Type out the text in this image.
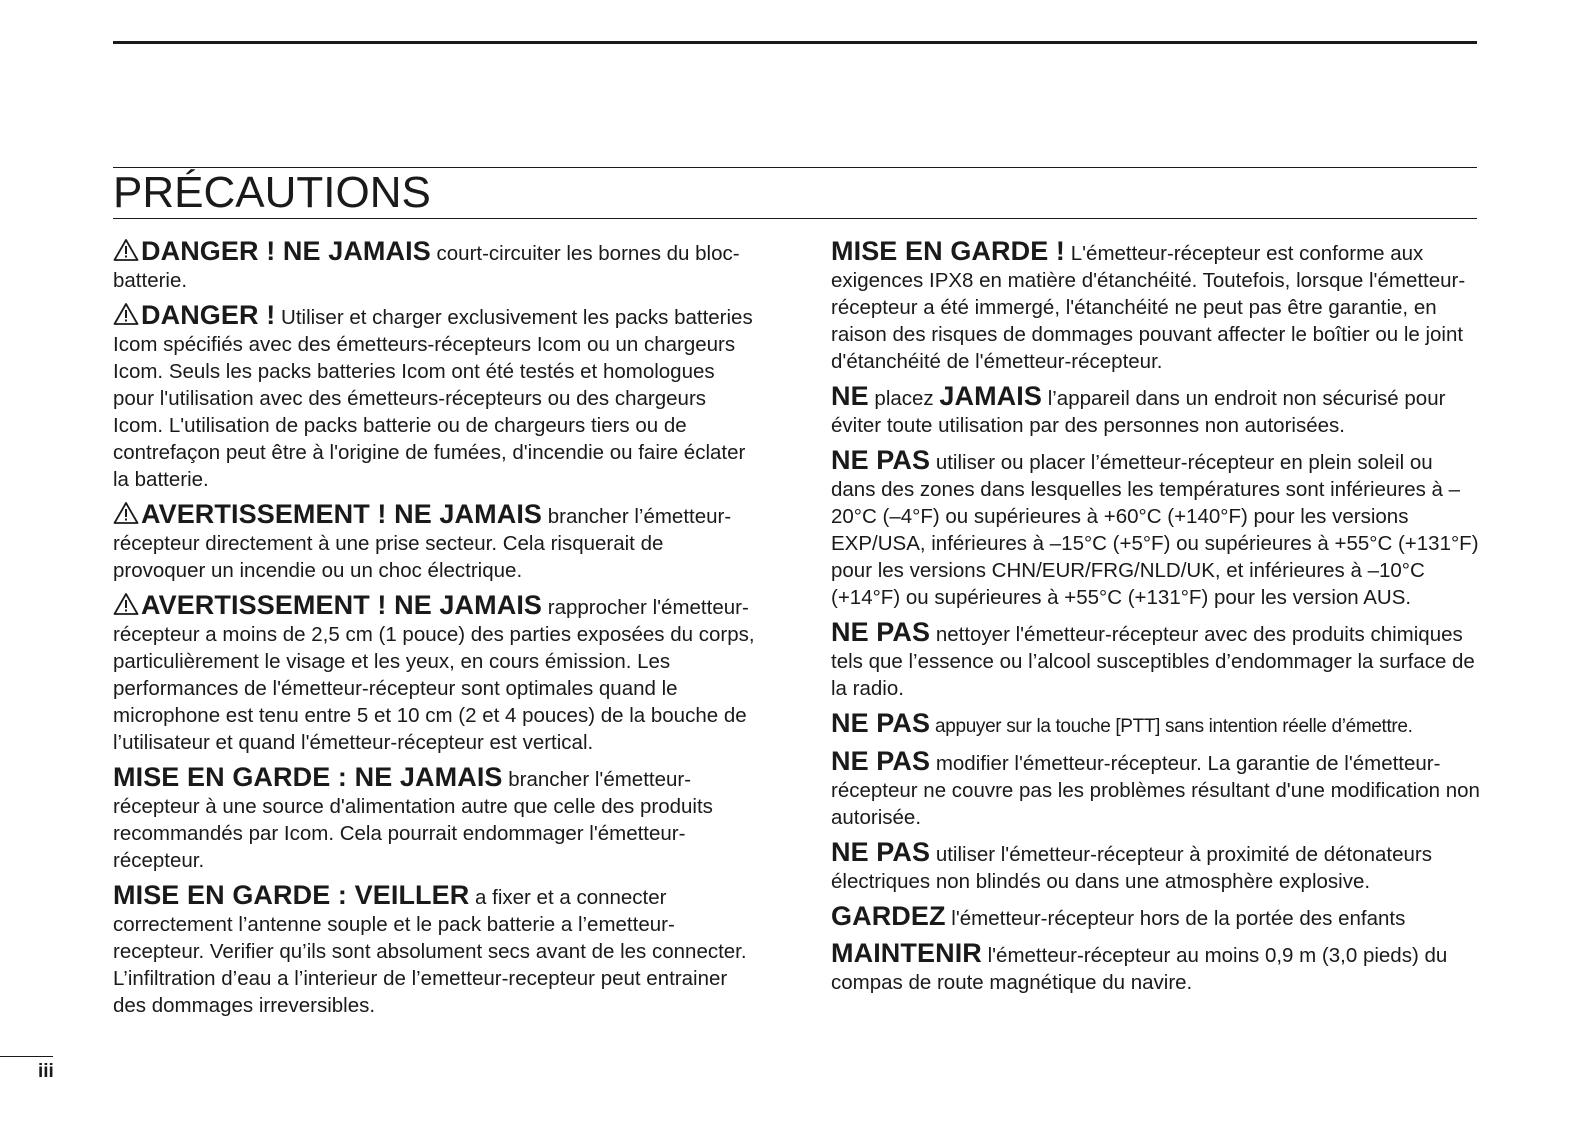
PRÉCAUTIONS

DANGER ! NE JAMAIS court-circuiter les bornes du bloc-batterie.

DANGER ! Utiliser et charger exclusivement les packs batteries Icom spécifiés avec des émetteurs-récepteurs Icom ou un chargeurs Icom. Seuls les packs batteries Icom ont été testés et homologues pour l'utilisation avec des émetteurs-récepteurs ou des chargeurs Icom. L'utilisation de packs batterie ou de chargeurs tiers ou de contrefaçon peut être à l'origine de fumées, d'incendie ou faire éclater la batterie.

AVERTISSEMENT ! NE JAMAIS brancher l’émetteur-récepteur directement à une prise secteur. Cela risquerait de provoquer un incendie ou un choc électrique.

AVERTISSEMENT ! NE JAMAIS rapprocher l'émetteur-récepteur a moins de 2,5 cm (1 pouce) des parties exposées du corps, particulièrement le visage et les yeux, en cours émission. Les performances de l'émetteur-récepteur sont optimales quand le microphone est tenu entre 5 et 10 cm (2 et 4 pouces) de la bouche de l’utilisateur et quand l'émetteur-récepteur est vertical.

MISE EN GARDE : NE JAMAIS brancher l'émetteur-récepteur à une source d'alimentation autre que celle des produits recommandés par Icom. Cela pourrait endommager l'émetteur-récepteur.

MISE EN GARDE : VEILLER a fixer et a connecter correctement l’antenne souple et le pack batterie a l’emetteur-recepteur. Verifier qu’ils sont absolument secs avant de les connecter. L’infiltration d’eau a l’interieur de l’emetteur-recepteur peut entrainer des dommages irreversibles.

MISE EN GARDE ! L'émetteur-récepteur est conforme aux exigences IPX8 en matière d'étanchéité. Toutefois, lorsque l'émetteur-récepteur a été immergé, l'étanchéité ne peut pas être garantie, en raison des risques de dommages pouvant affecter le boîtier ou le joint d'étanchéité de l'émetteur-récepteur.

NE placez JAMAIS l’appareil dans un endroit non sécurisé pour éviter toute utilisation par des personnes non autorisées.

NE PAS utiliser ou placer l’émetteur-récepteur en plein soleil ou dans des zones dans lesquelles les températures sont inférieures à –20°C (–4°F) ou supérieures à +60°C (+140°F) pour les versions EXP/USA, inférieures à –15°C (+5°F) ou supérieures à +55°C (+131°F) pour les versions CHN/EUR/FRG/NLD/UK, et inférieures à –10°C (+14°F) ou supérieures à +55°C (+131°F) pour les version AUS.

NE PAS nettoyer l'émetteur-récepteur avec des produits chimiques tels que l’essence ou l’alcool susceptibles d’endommager la surface de la radio.

NE PAS appuyer sur la touche [PTT] sans intention réelle d’émettre.

NE PAS modifier l'émetteur-récepteur. La garantie de l'émetteur-récepteur ne couvre pas les problèmes résultant d'une modification non autorisée.

NE PAS utiliser l'émetteur-récepteur à proximité de détonateurs électriques non blindés ou dans une atmosphère explosive.

GARDEZ l'émetteur-récepteur hors de la portée des enfants

MAINTENIR l'émetteur-récepteur au moins 0,9 m (3,0 pieds) du compas de route magnétique du navire.

iii
